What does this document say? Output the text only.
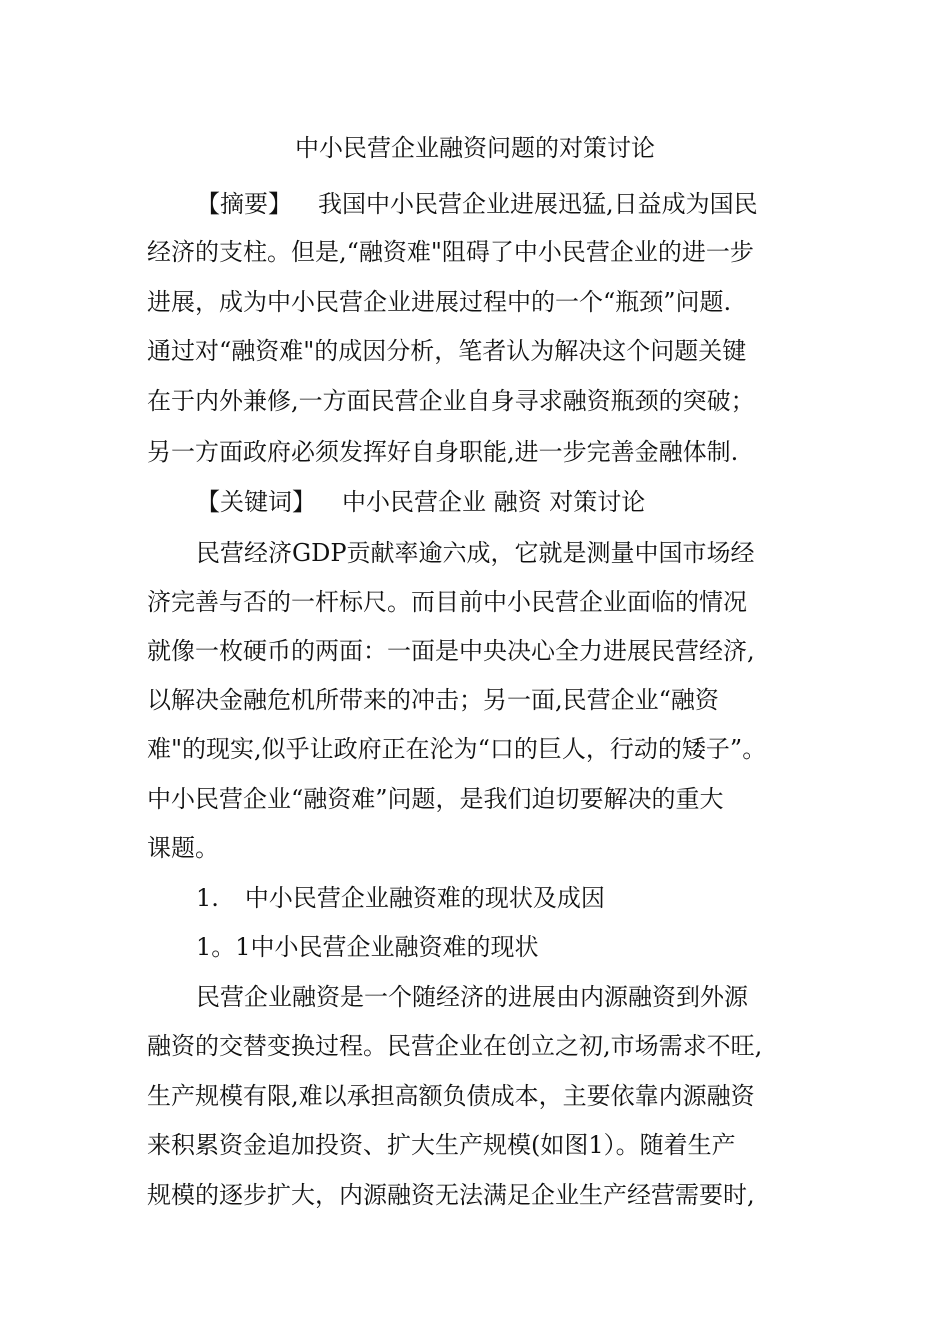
中小民营企业融资问题的对策讨论
【摘要】 我国中小民营企业进展迅猛,日益成为国民
经济的支柱。但是,“融资难"阻碍了中小民营企业的进一步
进展，成为中小民营企业进展过程中的一个“瓶颈”问题.
通过对“融资难"的成因分析，笔者认为解决这个问题关键
在于内外兼修,一方面民营企业自身寻求融资瓶颈的突破；
另一方面政府必须发挥好自身职能,进一步完善金融体制.
【关键词】 中小民营企业 融资 对策讨论
民营经济GDP贡献率逾六成，它就是测量中国市场经
济完善与否的一杆标尺。而目前中小民营企业面临的情况
就像一枚硬币的两面：一面是中央决心全力进展民营经济,
以解决金融危机所带来的冲击；另一面,民营企业“融资
难"的现实,似乎让政府正在沦为“口的巨人，行动的矮子”。
中小民营企业“融资难”问题，是我们迫切要解决的重大
课题。
1. 中小民营企业融资难的现状及成因
1。1中小民营企业融资难的现状
民营企业融资是一个随经济的进展由内源融资到外源
融资的交替变换过程。民营企业在创立之初,市场需求不旺,
生产规模有限,难以承担高额负债成本，主要依靠内源融资
来积累资金追加投资、扩大生产规模(如图1）。随着生产
规模的逐步扩大，内源融资无法满足企业生产经营需要时,
